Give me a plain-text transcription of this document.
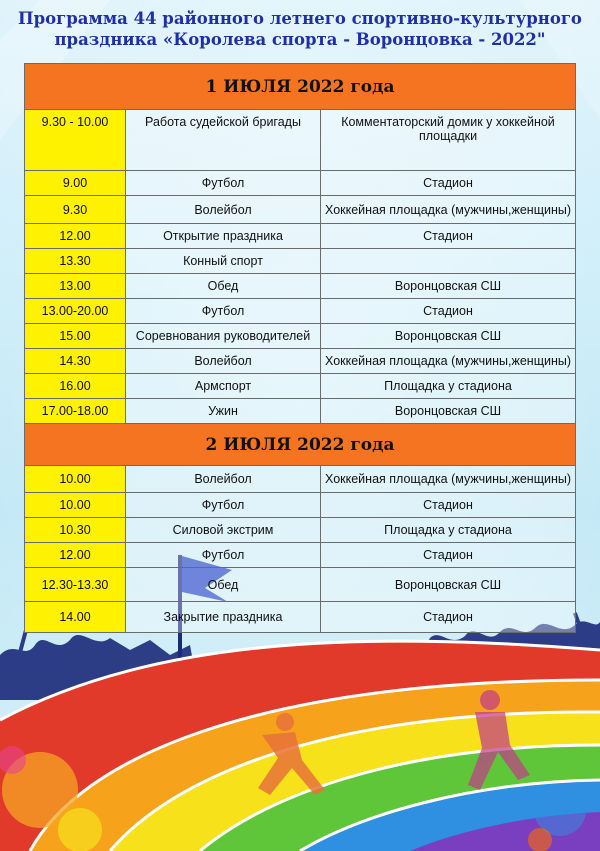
Программа 44 районного летнего спортивно-культурного
праздника «Королева спорта - Воронцовка - 2022"
1 ИЮЛЯ 2022 года		
9.30 - 10.00	Работа судейской бригады	Комментаторский домик у хоккейной площадки
9.00	Футбол	Стадион
9.30	Волейбол	Хоккейная площадка (мужчины,женщины)
12.00	Открытие праздника	Стадион
13.30	Конный спорт	
13.00	Обед	Воронцовская СШ
13.00-20.00	Футбол	Стадион
15.00	Соревнования руководителей	Воронцовская СШ
14.30	Волейбол	Хоккейная площадка (мужчины,женщины)
16.00	Армспорт	Площадка у стадиона
17.00-18.00	Ужин	Воронцовская СШ
2 ИЮЛЯ 2022 года		
10.00	Волейбол	Хоккейная площадка (мужчины,женщины)
10.00	Футбол	Стадион
10.30	Силовой экстрим	Площадка у стадиона
12.00	Футбол	Стадион
12.30-13.30	Обед	Воронцовская СШ
14.00	Закрытие праздника	Стадион
